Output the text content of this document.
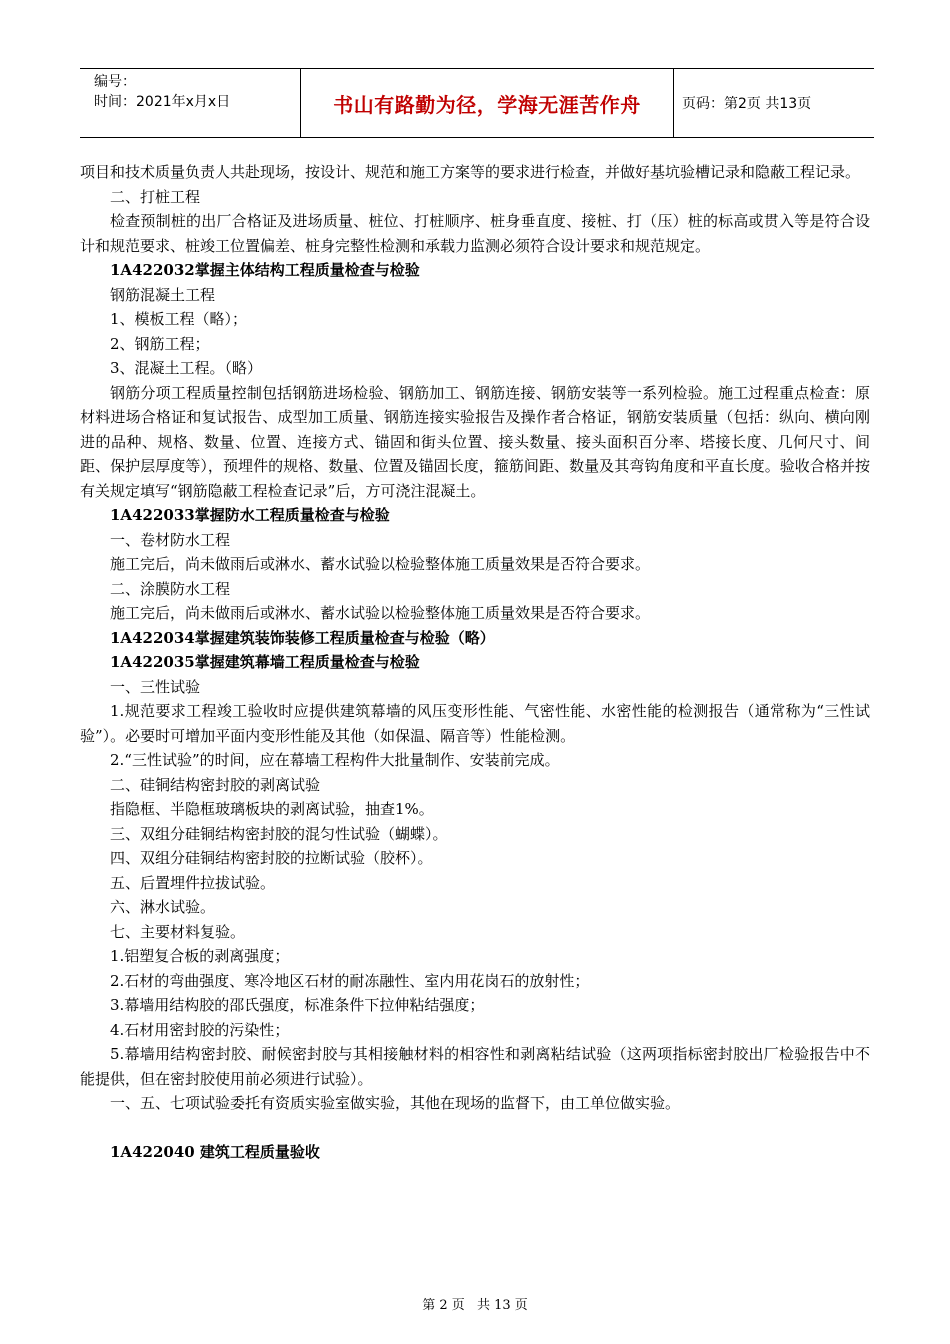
编号：
时间：2021年x月x日	书山有路勤为径，学海无涯苦作舟	页码：第2页 共13页

项目和技术质量负责人共赴现场，按设计、规范和施工方案等的要求进行检查，并做好基坑验槽记录和隐蔽工程记录。

二、打桩工程

检查预制桩的出厂合格证及进场质量、桩位、打桩顺序、桩身垂直度、接桩、打（压）桩的标高或贯入等是符合设计和规范要求、桩竣工位置偏差、桩身完整性检测和承载力监测必须符合设计要求和规范规定。

1A422032掌握主体结构工程质量检查与检验

钢筋混凝土工程

1、模板工程（略）；

2、钢筋工程；

3、混凝土工程。（略）

钢筋分项工程质量控制包括钢筋进场检验、钢筋加工、钢筋连接、钢筋安装等一系列检验。施工过程重点检查：原材料进场合格证和复试报告、成型加工质量、钢筋连接实验报告及操作者合格证，钢筋安装质量（包括：纵向、横向刚进的品种、规格、数量、位置、连接方式、锚固和街头位置、接头数量、接头面积百分率、塔接长度、几何尺寸、间距、保护层厚度等），预埋件的规格、数量、位置及锚固长度，箍筋间距、数量及其弯钩角度和平直长度。验收合格并按有关规定填写“钢筋隐蔽工程检查记录”后，方可浇注混凝土。

1A422033掌握防水工程质量检查与检验

一、卷材防水工程

施工完后，尚未做雨后或淋水、蓄水试验以检验整体施工质量效果是否符合要求。

二、涂膜防水工程

施工完后，尚未做雨后或淋水、蓄水试验以检验整体施工质量效果是否符合要求。

1A422034掌握建筑装饰装修工程质量检查与检验（略）

1A422035掌握建筑幕墙工程质量检查与检验

一、三性试验

1.规范要求工程竣工验收时应提供建筑幕墙的风压变形性能、气密性能、水密性能的检测报告（通常称为“三性试验”）。必要时可增加平面内变形性能及其他（如保温、隔音等）性能检测。

2.“三性试验”的时间，应在幕墙工程构件大批量制作、安装前完成。

二、硅铜结构密封胶的剥离试验

指隐框、半隐框玻璃板块的剥离试验，抽查1%。

三、双组分硅铜结构密封胶的混匀性试验（蝴蝶）。

四、双组分硅铜结构密封胶的拉断试验（胶杯）。

五、后置埋件拉拔试验。

六、淋水试验。

七、主要材料复验。

1.铝塑复合板的剥离强度；

2.石材的弯曲强度、寒冷地区石材的耐冻融性、室内用花岗石的放射性；

3.幕墙用结构胶的邵氏强度，标准条件下拉伸粘结强度；

4.石材用密封胶的污染性；

5.幕墙用结构密封胶、耐候密封胶与其相接触材料的相容性和剥离粘结试验（这两项指标密封胶出厂检验报告中不能提供，但在密封胶使用前必须进行试验）。

一、五、七项试验委托有资质实验室做实验，其他在现场的监督下，由工单位做实验。

1A422040 建筑工程质量验收

第 2 页 共 13 页
